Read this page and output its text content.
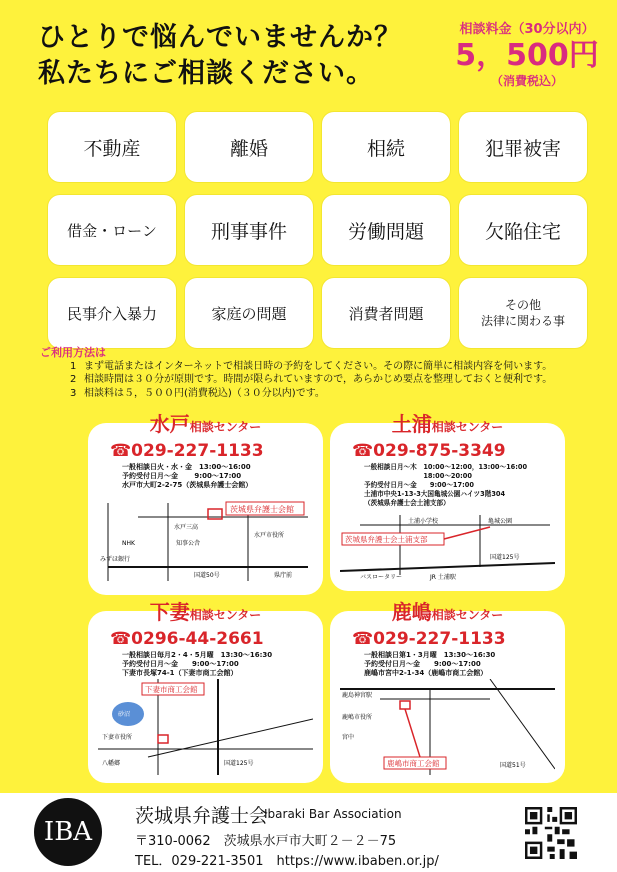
ひとりで悩んでいませんか？
私たちにご相談ください。
相談料金（30分以内）
5，500円
（消費税込）
不動産	離婚	相続	犯罪被害
借金・ローン	刑事事件	労働問題	欠陥住宅
民事介入暴力	家庭の問題	消費者問題	その他
法律に関わる事
ご利用方法は
1 まず電話またはインターネットで相談日時の予約をしてください。その際に簡単に相談内容を伺います。
2 相談時間は３０分が原則です。時間が限られていますので，あらかじめ要点を整理しておくと便利です。
3 相談料は５，５００円(消費税込)（３０分以内)です。
水戸相談センター
☎029-227-1133
一般相談日火・水・金　13:00～16:00
予約受付日月～金　　 9:00～17:00
水戸市大町2-2-75（茨城県弁護士会館）
茨城県弁護士会館
水戸三高
NHK	知事公舎
水戸市役所
みずほ銀行
国道50号	県庁前
土浦相談センター
☎029-875-3349
一般相談日月～木　10:00～12:00，13:00～16:00
　　　　　　　　　18:00～20:00
予約受付日月～金　　9:00～17:00
土浦市中央1-13-3大国亀城公園ハイツ3階304
（茨城県弁護士会土浦支部）
茨城県弁護士会土浦支部
亀城公園
土浦小学校
バスロータリー	JR 土浦駅
国道125号
下妻相談センター
☎0296-44-2661
一般相談日毎月2・4・5月曜　13:30～16:30
予約受付日月～金　　9:00～17:00
下妻市長塚74-1（下妻市商工会館）
下妻市商工会館
砂沼
下妻市役所
八幡郷	国道125号
鹿嶋相談センター
☎029-227-1133
一般相談日第1・3月曜　13:30～16:30
予約受付日月～金　　9:00～17:00
鹿嶋市宮中2-1-34（鹿嶋市商工会館）
鹿嶋市商工会館
鹿島神宮駅
鹿嶋市役所
宮中
国道51号
IBA
茨城県弁護士会
Ibaraki Bar Association
〒310-0062　茨城県水戸市大町２－２－75
TEL．029-221-3501　https://www.ibaben.or.jp/
